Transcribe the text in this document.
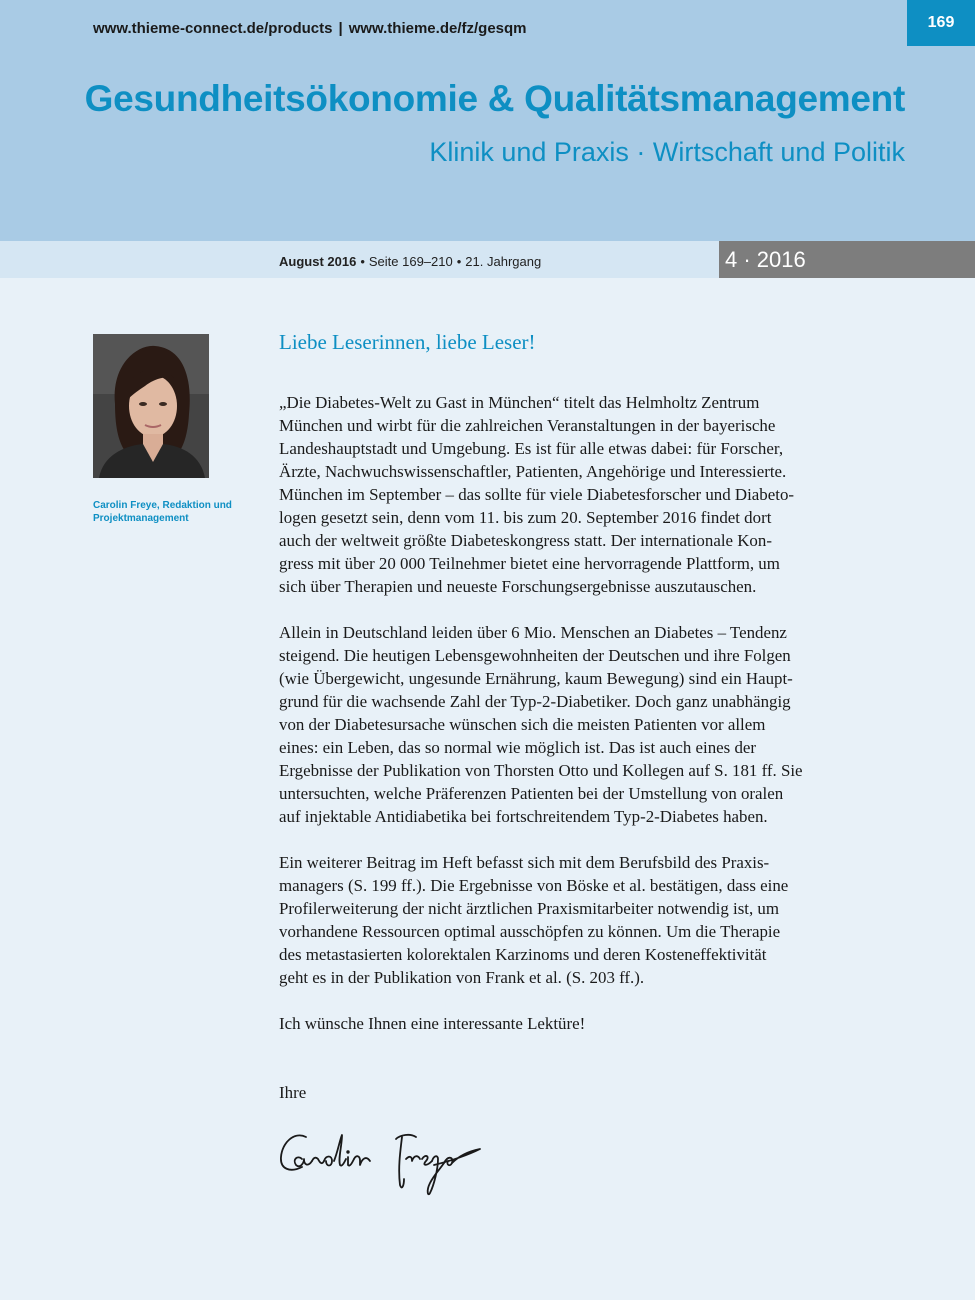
www.thieme-connect.de/products | www.thieme.de/fz/gesqm	169
Gesundheitsökonomie & Qualitätsmanagement
Klinik und Praxis · Wirtschaft und Politik
August 2016 • Seite 169–210 • 21. Jahrgang	4 · 2016
Carolin Freye, Redaktion und
Projektmanagement
Liebe Leserinnen, liebe Leser!
„Die Diabetes-Welt zu Gast in München“ titelt das Helmholtz Zentrum
München und wirbt für die zahlreichen Veranstaltungen in der bayerische
Landeshauptstadt und Umgebung. Es ist für alle etwas dabei: für Forscher,
Ärzte, Nachwuchswissenschaftler, Patienten, Angehörige und Interessierte.
München im September – das sollte für viele Diabetesforscher und Diabeto-
logen gesetzt sein, denn vom 11. bis zum 20. September 2016 findet dort
auch der weltweit größte Diabeteskongress statt. Der internationale Kon-
gress mit über 20 000 Teilnehmer bietet eine hervorragende Plattform, um
sich über Therapien und neueste Forschungsergebnisse auszutauschen.
Allein in Deutschland leiden über 6 Mio. Menschen an Diabetes – Tendenz
steigend. Die heutigen Lebensgewohnheiten der Deutschen und ihre Folgen
(wie Übergewicht, ungesunde Ernährung, kaum Bewegung) sind ein Haupt-
grund für die wachsende Zahl der Typ-2-Diabetiker. Doch ganz unabhängig
von der Diabetesursache wünschen sich die meisten Patienten vor allem
eines: ein Leben, das so normal wie möglich ist. Das ist auch eines der
Ergebnisse der Publikation von Thorsten Otto und Kollegen auf S. 181 ff. Sie
untersuchten, welche Präferenzen Patienten bei der Umstellung von oralen
auf injektable Antidiabetika bei fortschreitendem Typ-2-Diabetes haben.
Ein weiterer Beitrag im Heft befasst sich mit dem Berufsbild des Praxis-
managers (S. 199 ff.). Die Ergebnisse von Böske et al. bestätigen, dass eine
Profilerweiterung der nicht ärztlichen Praxismitarbeiter notwendig ist, um
vorhandene Ressourcen optimal ausschöpfen zu können. Um die Therapie
des metastasierten kolorektalen Karzinoms und deren Kosteneffektivität
geht es in der Publikation von Frank et al. (S. 203 ff.).
Ich wünsche Ihnen eine interessante Lektüre!

Ihre
